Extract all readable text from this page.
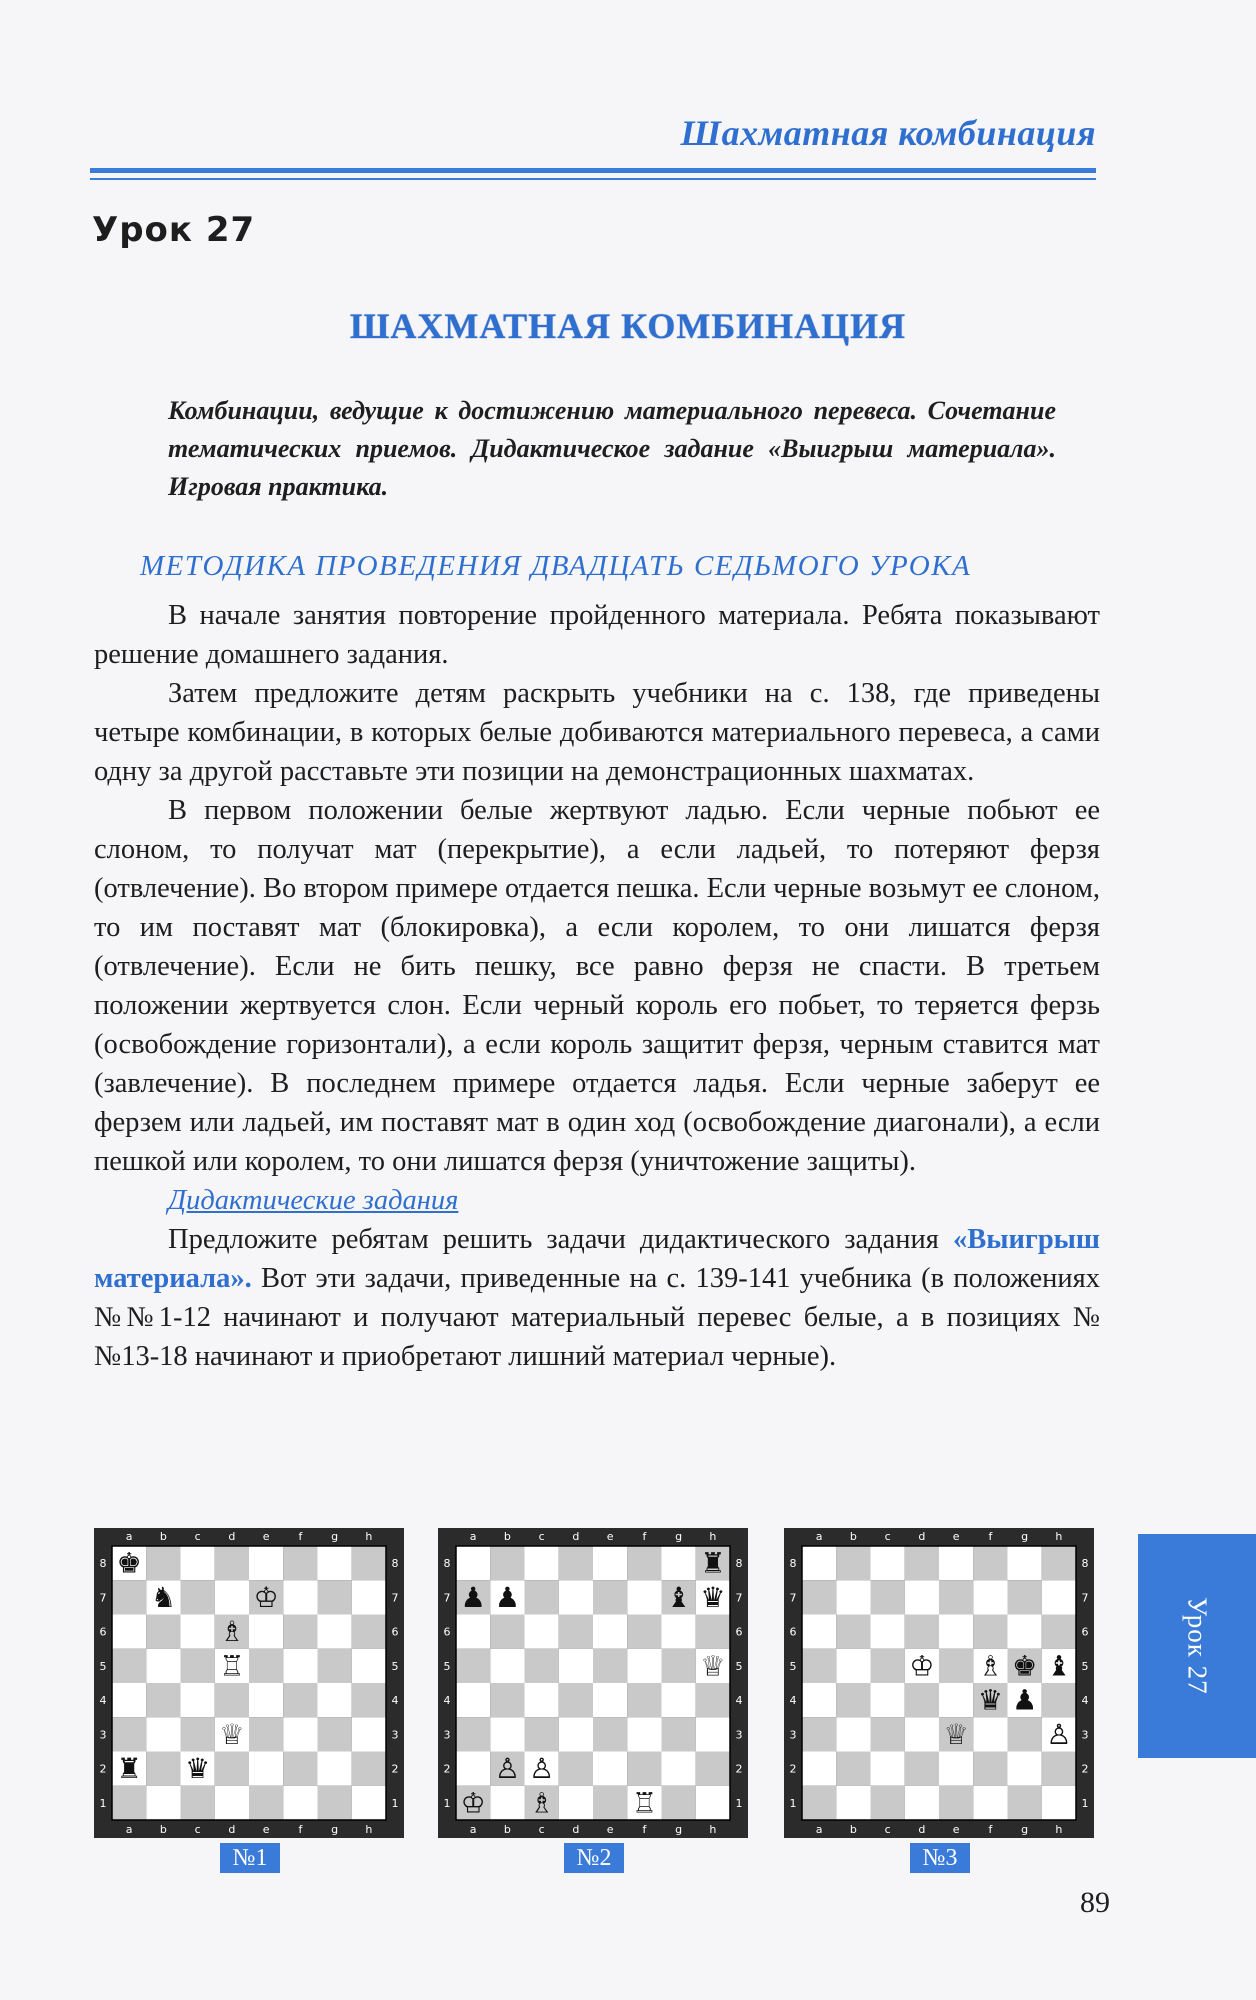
Шахматная комбинация
Урок 27
ШАХМАТНАЯ КОМБИНАЦИЯ
Комбинации, ведущие к достижению материального перевеса. Сочетание тематических приемов. Дидактическое задание «Выигрыш материала». Игровая практика.
МЕТОДИКА ПРОВЕДЕНИЯ ДВАДЦАТЬ СЕДЬМОГО УРОКА

В начале занятия повторение пройденного материала. Ребята показывают решение домашнего задания.

Затем предложите детям раскрыть учебники на с. 138, где приведены четыре комбинации, в которых белые добиваются материального перевеса, а сами одну за другой расставьте эти позиции на демонстрационных шахматах.

В первом положении белые жертвуют ладью. Если черные побьют ее слоном, то получат мат (перекрытие), а если ладьей, то потеряют ферзя (отвлечение). Во втором примере отдается пешка. Если черные возьмут ее слоном, то им поставят мат (блокировка), а если королем, то они лишатся ферзя (отвлечение). Если не бить пешку, все равно ферзя не спасти. В третьем положении жертвуется слон. Если черный король его побьет, то теряется ферзь (освобождение горизонтали), а если король защитит ферзя, черным ставится мат (завлечение). В последнем примере отдается ладья. Если черные заберут ее ферзем или ладьей, им поставят мат в один ход (освобождение диагонали), а если пешкой или королем, то они лишатся ферзя (уничтожение защиты).

Дидактические задания

Предложите ребятам решить задачи дидактического задания «Выигрыш материала». Вот эти задачи, приведенные на с. 139-141 учебника (в положениях №№1-12 начинают и получают материальный перевес белые, а в позициях №№13-18 начинают и приобретают лишний материал черные).

a
a
b
b
c
c
d
d
e
e
f
f
g
g
h
h
8	8
7	7
6	6
5	5
4	4
3	3
2	2
1	1
♚
♞	♔
♗
♖
♕
♜ ♛
№1
a
a
b
b
c
c
d
d
e
e
f
f
g
g
h
h
8	8
7	7
6	6
5	5
4	4
3	3
2	2
1	1
♜
♟ ♟	♝ ♛
♕
♙ ♙
♔ ♗	♖
№2
a
a
b
b
c
c
d
d
e
e
f
f
g
g
h
h
8	8
7	7
6	6
5	5
4	4
3	3
2	2
1	1
♔ ♗ ♚ ♝
♛ ♟
♕	♙
№3
Урок 27
89
